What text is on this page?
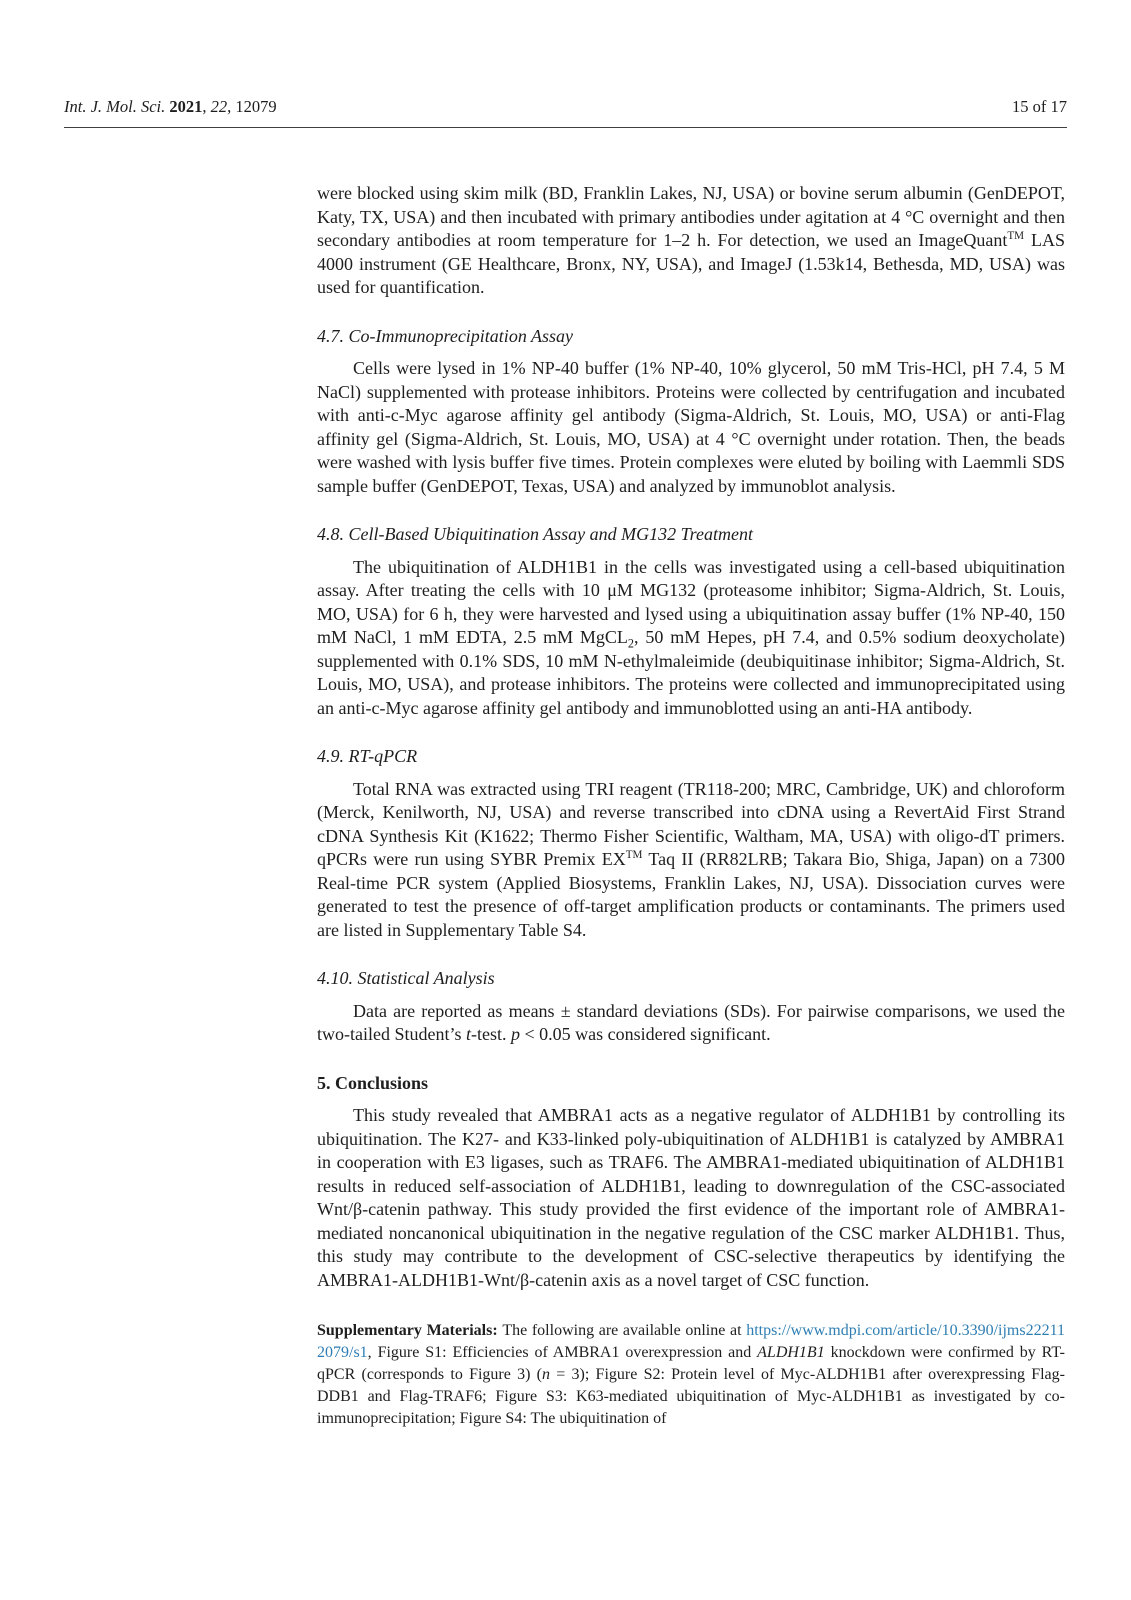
Int. J. Mol. Sci. 2021, 22, 12079	15 of 17

were blocked using skim milk (BD, Franklin Lakes, NJ, USA) or bovine serum albumin (GenDEPOT, Katy, TX, USA) and then incubated with primary antibodies under agitation at 4 °C overnight and then secondary antibodies at room temperature for 1–2 h. For detection, we used an ImageQuant™ LAS 4000 instrument (GE Healthcare, Bronx, NY, USA), and ImageJ (1.53k14, Bethesda, MD, USA) was used for quantification.

4.7. Co-Immunoprecipitation Assay

Cells were lysed in 1% NP-40 buffer (1% NP-40, 10% glycerol, 50 mM Tris-HCl, pH 7.4, 5 M NaCl) supplemented with protease inhibitors. Proteins were collected by centrifugation and incubated with anti-c-Myc agarose affinity gel antibody (Sigma-Aldrich, St. Louis, MO, USA) or anti-Flag affinity gel (Sigma-Aldrich, St. Louis, MO, USA) at 4 °C overnight under rotation. Then, the beads were washed with lysis buffer five times. Protein complexes were eluted by boiling with Laemmli SDS sample buffer (GenDEPOT, Texas, USA) and analyzed by immunoblot analysis.

4.8. Cell-Based Ubiquitination Assay and MG132 Treatment

The ubiquitination of ALDH1B1 in the cells was investigated using a cell-based ubiquitination assay. After treating the cells with 10 μM MG132 (proteasome inhibitor; Sigma-Aldrich, St. Louis, MO, USA) for 6 h, they were harvested and lysed using a ubiquitination assay buffer (1% NP-40, 150 mM NaCl, 1 mM EDTA, 2.5 mM MgCL$_2$, 50 mM Hepes, pH 7.4, and 0.5% sodium deoxycholate) supplemented with 0.1% SDS, 10 mM N-ethylmaleimide (deubiquitinase inhibitor; Sigma-Aldrich, St. Louis, MO, USA), and protease inhibitors. The proteins were collected and immunoprecipitated using an anti-c-Myc agarose affinity gel antibody and immunoblotted using an anti-HA antibody.

4.9. RT-qPCR

Total RNA was extracted using TRI reagent (TR118-200; MRC, Cambridge, UK) and chloroform (Merck, Kenilworth, NJ, USA) and reverse transcribed into cDNA using a RevertAid First Strand cDNA Synthesis Kit (K1622; Thermo Fisher Scientific, Waltham, MA, USA) with oligo-dT primers. qPCRs were run using SYBR Premix EX™ Taq II (RR82LRB; Takara Bio, Shiga, Japan) on a 7300 Real-time PCR system (Applied Biosystems, Franklin Lakes, NJ, USA). Dissociation curves were generated to test the presence of off-target amplification products or contaminants. The primers used are listed in Supplementary Table S4.

4.10. Statistical Analysis

Data are reported as means ± standard deviations (SDs). For pairwise comparisons, we used the two-tailed Student’s t-test. p < 0.05 was considered significant.

5. Conclusions

This study revealed that AMBRA1 acts as a negative regulator of ALDH1B1 by controlling its ubiquitination. The K27- and K33-linked poly-ubiquitination of ALDH1B1 is catalyzed by AMBRA1 in cooperation with E3 ligases, such as TRAF6. The AMBRA1-mediated ubiquitination of ALDH1B1 results in reduced self-association of ALDH1B1, leading to downregulation of the CSC-associated Wnt/β-catenin pathway. This study provided the first evidence of the important role of AMBRA1-mediated noncanonical ubiquitination in the negative regulation of the CSC marker ALDH1B1. Thus, this study may contribute to the development of CSC-selective therapeutics by identifying the AMBRA1-ALDH1B1-Wnt/β-catenin axis as a novel target of CSC function.

Supplementary Materials: The following are available online at https://www.mdpi.com/article/10.3390/ijms222112079/s1, Figure S1: Efficiencies of AMBRA1 overexpression and ALDH1B1 knockdown were confirmed by RT-qPCR (corresponds to Figure 3) (n = 3); Figure S2: Protein level of Myc-ALDH1B1 after overexpressing Flag-DDB1 and Flag-TRAF6; Figure S3: K63-mediated ubiquitination of Myc-ALDH1B1 as investigated by co-immunoprecipitation; Figure S4: The ubiquitination of
